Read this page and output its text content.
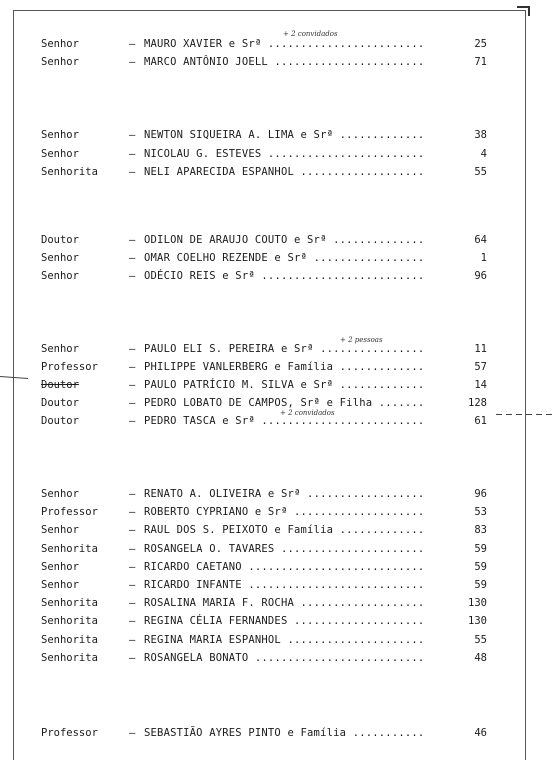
Senhor	– MAURO XAVIER e Srª .....	25
Senhor	– MARCO ANTÔNIO JOELL .....	71
Senhor	– NEWTON SIQUEIRA A. LIMA e Srª .....	38
Senhor	– NICOLAU G. ESTEVES .....	4
Senhorita	– NELI APARECIDA ESPANHOL .....	55
Doutor	– ODILON DE ARAUJO COUTO e Srª .....	64
Senhor	– OMAR COELHO REZENDE e Srª .....	1
Senhor	– ODÉCIO REIS e Srª .....	96
Senhor	– PAULO ELI S. PEREIRA e Srª .....	11
Professor	– PHILIPPE VANLERBERG e Família .....	57
Doutor	– PAULO PATRÍCIO M. SILVA e Srª .....	14
Doutor	– PEDRO LOBATO DE CAMPOS, Srª e Filha .....	128
Doutor	– PEDRO TASCA e Srª .....	61
Senhor	– RENATO A. OLIVEIRA e Srª .....	96
Professor	– ROBERTO CYPRIANO e Srª .....	53
Senhor	– RAUL DOS S. PEIXOTO e Família .....	83
Senhorita	– ROSANGELA O. TAVARES .....	59
Senhor	– RICARDO CAETANO .....	59
Senhor	– RICARDO INFANTE .....	59
Senhorita	– ROSALINA MARIA F. ROCHA .....	130
Senhorita	– REGINA CÉLIA FERNANDES .....	130
Senhorita	– REGINA MARIA ESPANHOL .....	55
Senhorita	– ROSANGELA BONATO .....	48
Professor	– SEBASTIÃO AYRES PINTO e Família .....	46
+ 2 convidados
+ 2 pessoas
+ 2 convidados
